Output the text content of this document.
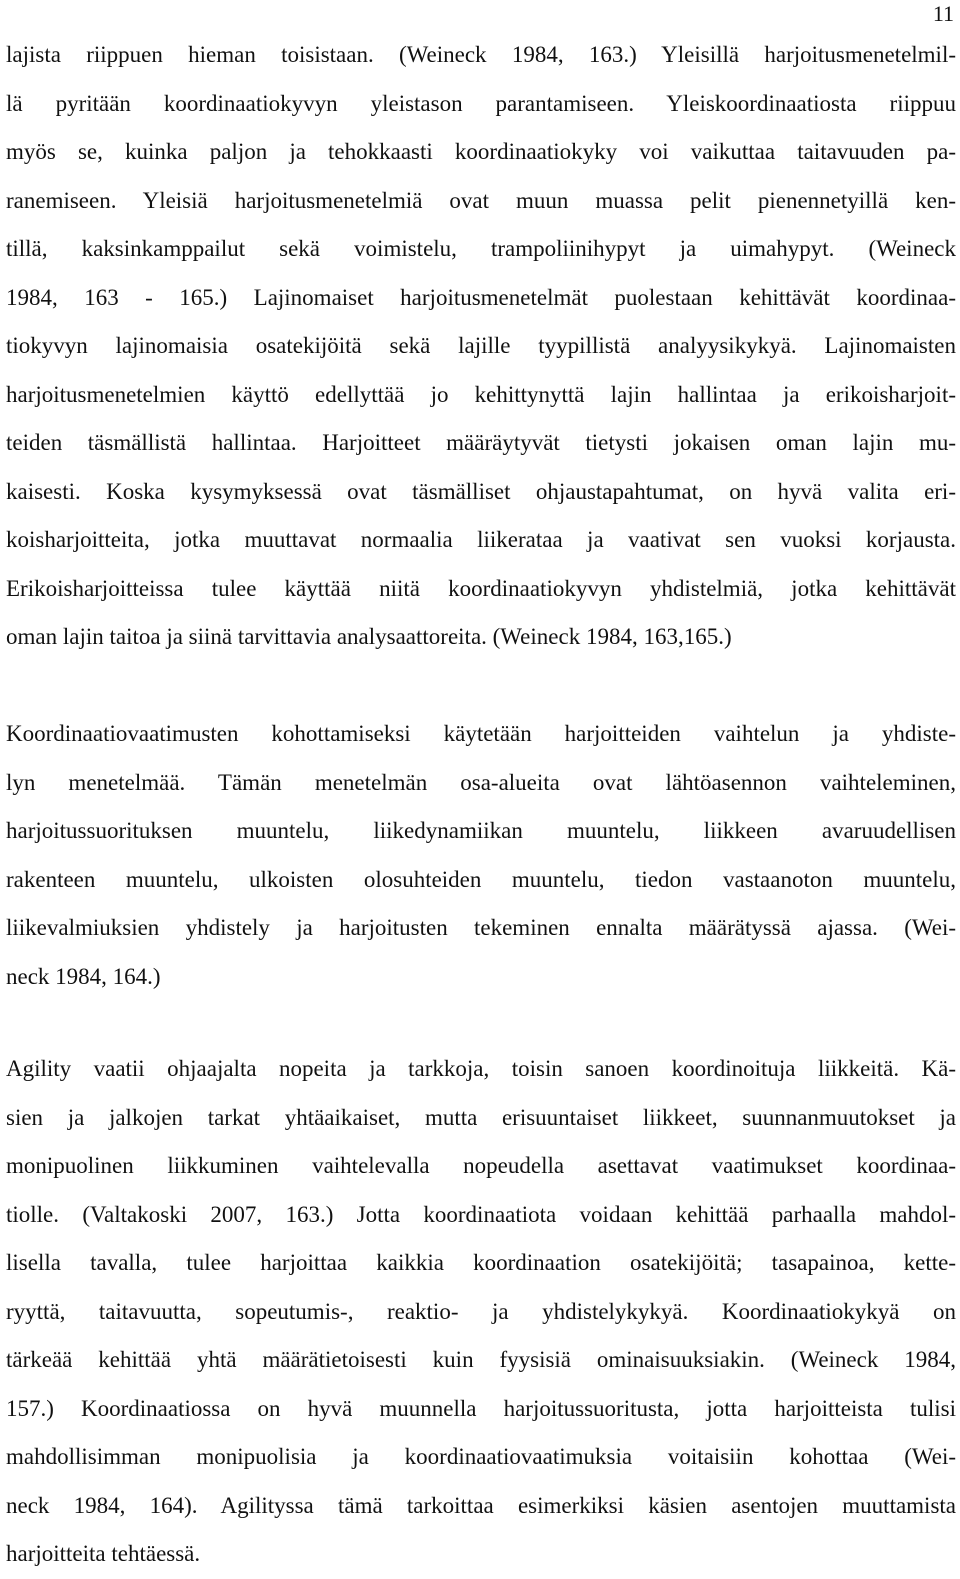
11
lajista riippuen hieman toisistaan. (Weineck 1984, 163.) Yleisillä harjoitusmenetelmil-
lä pyritään koordinaatiokyvyn yleistason parantamiseen. Yleiskoordinaatiosta riippuu
myös se, kuinka paljon ja tehokkaasti koordinaatiokyky voi vaikuttaa taitavuuden pa-
ranemiseen. Yleisiä harjoitusmenetelmiä ovat muun muassa pelit pienennetyillä ken-
tillä, kaksinkamppailut sekä voimistelu, trampoliinihypyt ja uimahypyt. (Weineck
1984, 163 - 165.) Lajinomaiset harjoitusmenetelmät puolestaan kehittävät koordinaa-
tiokyvyn lajinomaisia osatekijöitä sekä lajille tyypillistä analyysikykyä. Lajinomaisten
harjoitusmenetelmien käyttö edellyttää jo kehittynyttä lajin hallintaa ja erikoisharjoit-
teiden täsmällistä hallintaa. Harjoitteet määräytyvät tietysti jokaisen oman lajin mu-
kaisesti. Koska kysymyksessä ovat täsmälliset ohjaustapahtumat, on hyvä valita eri-
koisharjoitteita, jotka muuttavat normaalia liikerataa ja vaativat sen vuoksi korjausta.
Erikoisharjoitteissa tulee käyttää niitä koordinaatiokyvyn yhdistelmiä, jotka kehittävät
oman lajin taitoa ja siinä tarvittavia analysaattoreita. (Weineck 1984, 163,165.)
Koordinaatiovaatimusten kohottamiseksi käytetään harjoitteiden vaihtelun ja yhdiste-
lyn menetelmää. Tämän menetelmän osa-alueita ovat lähtöasennon vaihteleminen,
harjoitussuorituksen muuntelu, liikedynamiikan muuntelu, liikkeen avaruudellisen
rakenteen muuntelu, ulkoisten olosuhteiden muuntelu, tiedon vastaanoton muuntelu,
liikevalmiuksien yhdistely ja harjoitusten tekeminen ennalta määrätyssä ajassa. (Wei-
neck 1984, 164.)
Agility vaatii ohjaajalta nopeita ja tarkkoja, toisin sanoen koordinoituja liikkeitä. Kä-
sien ja jalkojen tarkat yhtäaikaiset, mutta erisuuntaiset liikkeet, suunnanmuutokset ja
monipuolinen liikkuminen vaihtelevalla nopeudella asettavat vaatimukset koordinaa-
tiolle. (Valtakoski 2007, 163.) Jotta koordinaatiota voidaan kehittää parhaalla mahdol-
lisella tavalla, tulee harjoittaa kaikkia koordinaation osatekijöitä; tasapainoa, kette-
ryyttä, taitavuutta, sopeutumis-, reaktio- ja yhdistelykykyä. Koordinaatiokykyä on
tärkeää kehittää yhtä määrätietoisesti kuin fyysisiä ominaisuuksiakin. (Weineck 1984,
157.) Koordinaatiossa on hyvä muunnella harjoitussuoritusta, jotta harjoitteista tulisi
mahdollisimman monipuolisia ja koordinaatiovaatimuksia voitaisiin kohottaa (Wei-
neck 1984, 164). Agilityssa tämä tarkoittaa esimerkiksi käsien asentojen muuttamista
harjoitteita tehtäessä.
